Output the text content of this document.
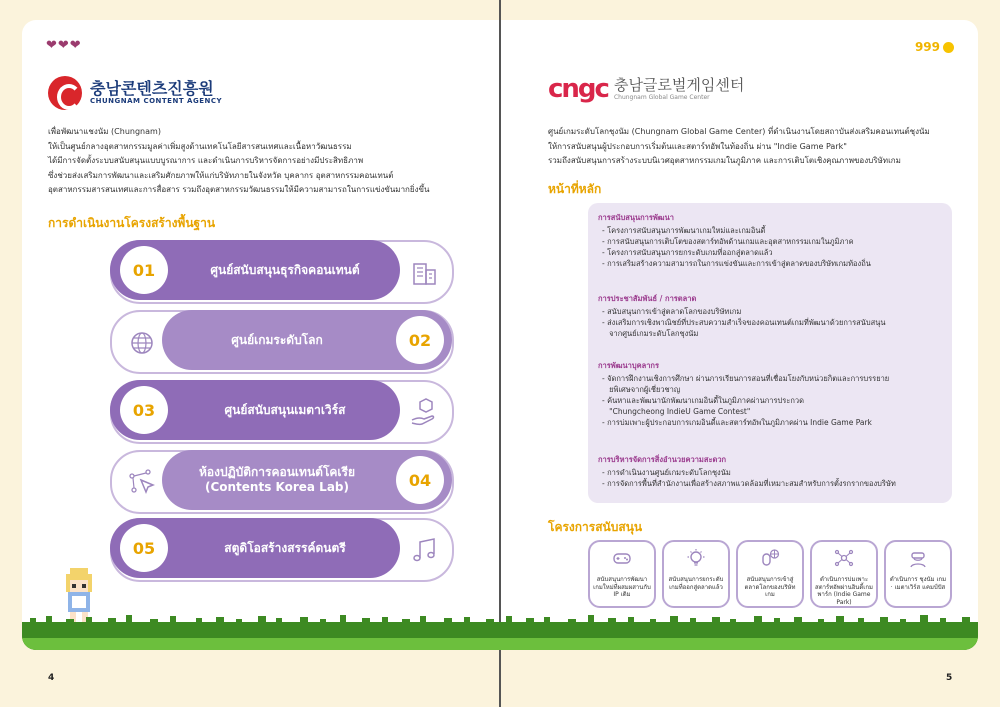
❤❤❤
충남콘텐츠진흥원
CHUNGNAM CONTENT AGENCY
เพื่อพัฒนาแชงนัม (Chungnam)
ให้เป็นศูนย์กลางอุตสาหกรรมมูลค่าเพิ่มสูงด้านเทคโนโลยีสารสนเทศและเนื้อหาวัฒนธรรม
ได้มีการจัดตั้งระบบสนับสนุนแบบบูรณาการ และดำเนินการบริหารจัดการอย่างมีประสิทธิภาพ
ซึ่งช่วยส่งเสริมการพัฒนาและเสริมศักยภาพให้แก่บริษัทภายในจังหวัด บุคลากร อุตสาหกรรมคอนเทนต์
อุตสาหกรรมสารสนเทศและการสื่อสาร รวมถึงอุตสาหกรรมวัฒนธรรมให้มีความสามารถในการแข่งขันมากยิ่งขึ้น
การดำเนินงานโครงสร้างพื้นฐาน
ศูนย์สนับสนุนธุรกิจคอนเทนต์
01
ศูนย์เกมระดับโลก	02
ศูนย์สนับสนุนเมตาเวิร์ส
03
ห้องปฏิบัติการคอนเทนต์โคเรีย (Contents Korea Lab)	04
สตูดิโอสร้างสรรค์ดนตรี
05
999
cngc 충남글로벌게임센터
Chungnam Global Game Center
ศูนย์เกมระดับโลกชุงนัม (Chungnam Global Game Center) ที่ดำเนินงานโดยสถาบันส่งเสริมคอนเทนต์ชุงนัม
ให้การสนับสนุนผู้ประกอบการเริ่มต้นและสตาร์ทอัพในท้องถิ่น ผ่าน "Indie Game Park"
รวมถึงสนับสนุนการสร้างระบบนิเวศอุตสาหกรรมเกมในภูมิภาค และการเติบโตเชิงคุณภาพของบริษัทเกม
หน้าที่หลัก
การสนับสนุนการพัฒนา
- โครงการสนับสนุนการพัฒนาเกมใหม่และเกมอินดี้
- การสนับสนุนการเติบโตของสตาร์ทอัพด้านเกมและอุตสาหกรรมเกมในภูมิภาค
- โครงการสนับสนุนการยกระดับเกมที่ออกสู่ตลาดแล้ว
- การเสริมสร้างความสามารถในการแข่งขันและการเข้าสู่ตลาดของบริษัทเกมท้องถิ่น
การประชาสัมพันธ์ / การตลาด
- สนับสนุนการเข้าสู่ตลาดโลกของบริษัทเกม
- ส่งเสริมการเชิงพาณิชย์ที่ประสบความสำเร็จของคอนเทนต์เกมที่พัฒนาด้วยการสนับสนุน
จากศูนย์เกมระดับโลกชุงนัม
การพัฒนาบุคลากร
- จัดการฝึกงานเชิงการศึกษา ผ่านการเรียนการสอนที่เชื่อมโยงกับหน่วยกิตและการบรรยาย
ยพิเศษจากผู้เชี่ยวชาญ
- ค้นหาและพัฒนานักพัฒนาเกมอินดี้ในภูมิภาคผ่านการประกวด
"Chungcheong IndieU Game Contest"
- การบ่มเพาะผู้ประกอบการเกมอินดี้และสตาร์ทอัพในภูมิภาคผ่าน Indie Game Park
การบริหารจัดการสิ่งอำนวยความสะดวก
- การดำเนินงานศูนย์เกมระดับโลกชุงนัม
- การจัดการพื้นที่สำนักงานเพื่อสร้างสภาพแวดล้อมที่เหมาะสมสำหรับการตั้งรกรากของบริษัท
โครงการสนับสนุน
สนับสนุนการพัฒนาเกมใหม่ที่ผสมผสานกับ IP เดิม
สนับสนุนการยกระดับเกมที่ออกสู่ตลาดแล้ว
สนับสนุนการเข้าสู่ตลาดโลกของบริษัทเกม
ดำเนินการบ่มเพาะสตาร์ทอัพผ่านอินดี้เกมพาร์ก (Indie Game Park)
ดำเนินการ ชุงนัม เกม · เมตาเวิร์ส แคมป์ปัส
4	5
